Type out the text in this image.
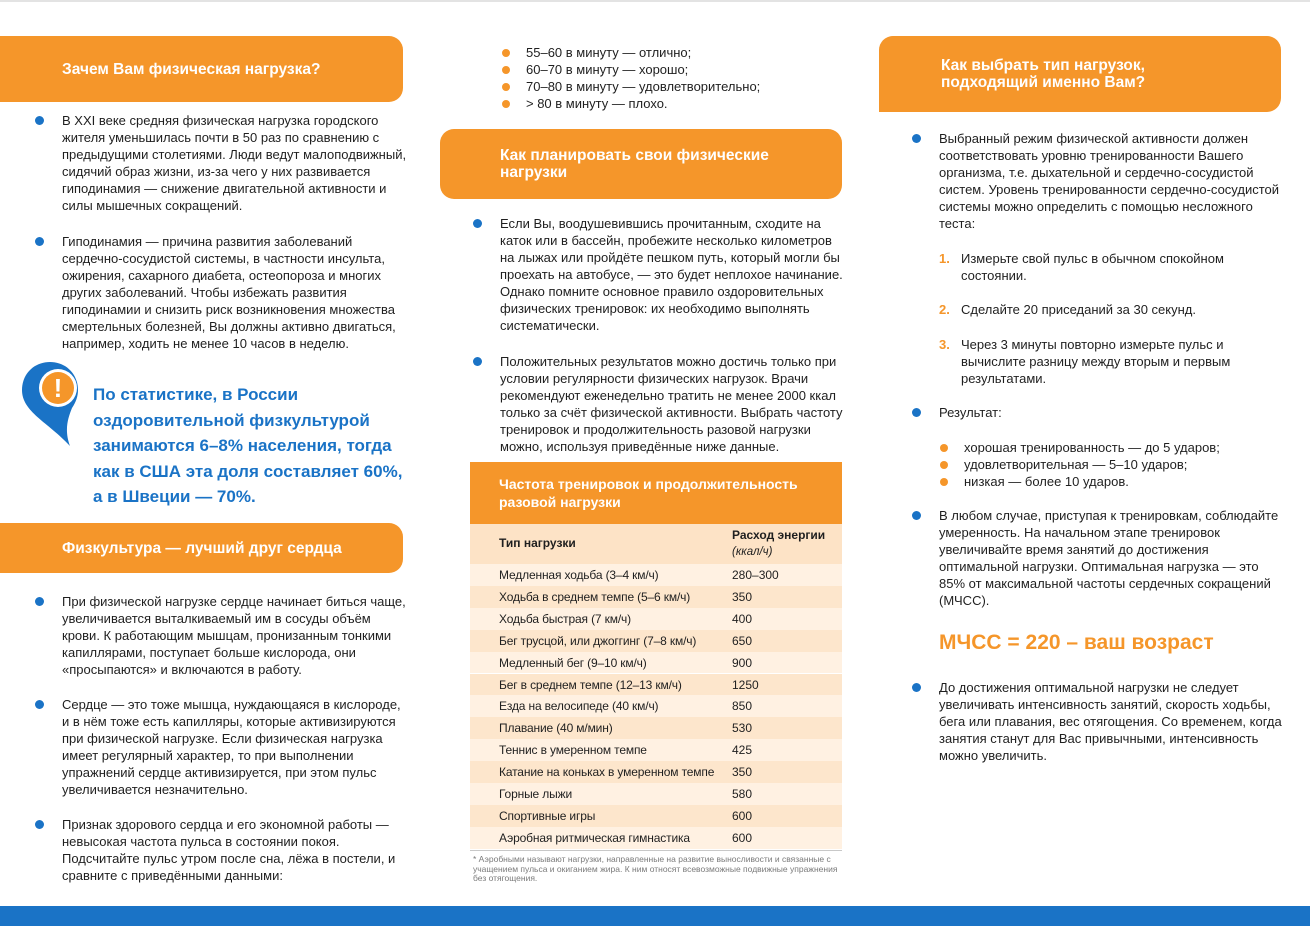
Зачем Вам физическая нагрузка?
В XXI веке средняя физическая нагрузка городского жителя уменьшилась почти в 50 раз по сравнению с предыдущими столетиями. Люди ведут малоподвижный, сидячий образ жизни, из-за чего у них развивается гиподинамия — снижение двигательной активности и силы мышечных сокращений.
Гиподинамия — причина развития заболеваний сердечно-сосудистой системы, в частности инсульта, ожирения, сахарного диабета, остеопороза и многих других заболеваний. Чтобы избежать развития гиподинамии и снизить риск возникновения множества смертельных болезней, Вы должны активно двигаться, например, ходить не менее 10 часов в неделю.
! По статистике, в России оздоровительной физкультурой занимаются 6–8% населения, тогда как в США эта доля составляет 60%, а в Швеции — 70%.
Физкультура — лучший друг сердца
При физической нагрузке сердце начинает биться чаще, увеличивается выталкиваемый им в сосуды объём крови. К работающим мышцам, пронизанным тонкими капиллярами, поступает больше кислорода, они «просыпаются» и включаются в работу.
Сердце — это тоже мышца, нуждающаяся в кислороде, и в нём тоже есть капилляры, которые активизируются при физической нагрузке. Если физическая нагрузка имеет регулярный характер, то при выполнении упражнений сердце активизируется, при этом пульс увеличивается незначительно.
Признак здорового сердца и его экономной работы — невысокая частота пульса в состоянии покоя. Подсчитайте пульс утром после сна, лёжа в постели, и сравните с приведёнными данными:
55–60 в минуту — отлично;
60–70 в минуту — хорошо;
70–80 в минуту — удовлетворительно;
> 80 в минуту — плохо.
Как планировать свои физические нагрузки
Если Вы, воодушевившись прочитанным, сходите на каток или в бассейн, пробежите несколько километров на лыжах или пройдёте пешком путь, который могли бы проехать на автобусе, — это будет неплохое начинание. Однако помните основное правило оздоровительных физических тренировок: их необходимо выполнять систематически.
Положительных результатов можно достичь только при условии регулярности физических нагрузок. Врачи рекомендуют еженедельно тратить не менее 2000 ккал только за счёт физической активности. Выбрать частоту тренировок и продолжительность разовой нагрузки можно, используя приведённые ниже данные.
Частота тренировок и продолжительность разовой нагрузки
Тип нагрузки
Расход энергии
(ккал/ч)
Медленная ходьба (3–4 км/ч)	280–300
Ходьба в среднем темпе (5–6 км/ч)	350
Ходьба быстрая (7 км/ч)	400
Бег трусцой, или джоггинг (7–8 км/ч)	650
Медленный бег (9–10 км/ч)	900
Бег в среднем темпе (12–13 км/ч)	1250
Езда на велосипеде (40 км/ч)	850
Плавание (40 м/мин)	530
Теннис в умеренном темпе	425
Катание на коньках в умеренном темпе 350
Горные лыжи	580
Спортивные игры	600
Аэробная ритмическая гимнастика	600
* Аэробными называют нагрузки, направленные на развитие выносливости и связанные с учащением пульса и окиганием жира. К ним относят всевозможные подвижные упражнения без отягощения.
Как выбрать тип нагрузок, подходящий именно Вам?
Выбранный режим физической активности должен соответствовать уровню тренированности Вашего организма, т.е. дыхательной и сердечно-сосудистой систем. Уровень тренированности сердечно-сосудистой системы можно определить с помощью несложного теста:
1. Измерьте свой пульс в обычном спокойном состоянии.
2. Сделайте 20 приседаний за 30 секунд.
3. Через 3 минуты повторно измерьте пульс и вычислите разницу между вторым и первым результатами.
Результат:
хорошая тренированность — до 5 ударов;
удовлетворительная — 5–10 ударов;
низкая — более 10 ударов.
В любом случае, приступая к тренировкам, соблюдайте умеренность. На начальном этапе тренировок увеличивайте время занятий до достижения оптимальной нагрузки. Оптимальная нагрузка — это 85% от максимальной частоты сердечных сокращений (МЧСС).
МЧСС = 220 – ваш возраст
До достижения оптимальной нагрузки не следует увеличивать интенсивность занятий, скорость ходьбы, бега или плавания, вес отягощения. Со временем, когда занятия станут для Вас привычными, интенсивность можно увеличить.
